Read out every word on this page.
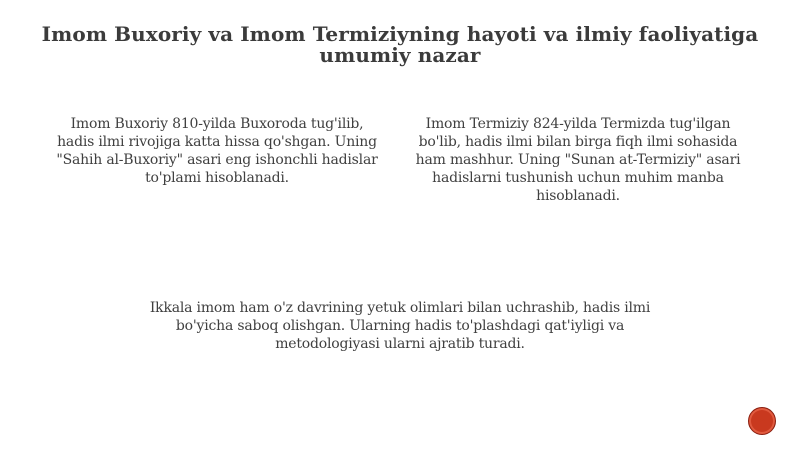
Imom Buxoriy va Imom Termiziyning hayoti va ilmiy faoliyatiga umumiy nazar

Imom Buxoriy 810-yilda Buxoroda tug'ilib, hadis ilmi rivojiga katta hissa qo'shgan. Uning "Sahih al-Buxoriy" asari eng ishonchli hadislar to'plami hisoblanadi.

Imom Termiziy 824-yilda Termizda tug'ilgan bo'lib, hadis ilmi bilan birga fiqh ilmi sohasida ham mashhur. Uning "Sunan at-Termiziy" asari hadislarni tushunish uchun muhim manba hisoblanadi.

Ikkala imom ham o'z davrining yetuk olimlari bilan uchrashib, hadis ilmi bo'yicha saboq olishgan. Ularning hadis to'plashdagi qat'iyligi va metodologiyasi ularni ajratib turadi.
